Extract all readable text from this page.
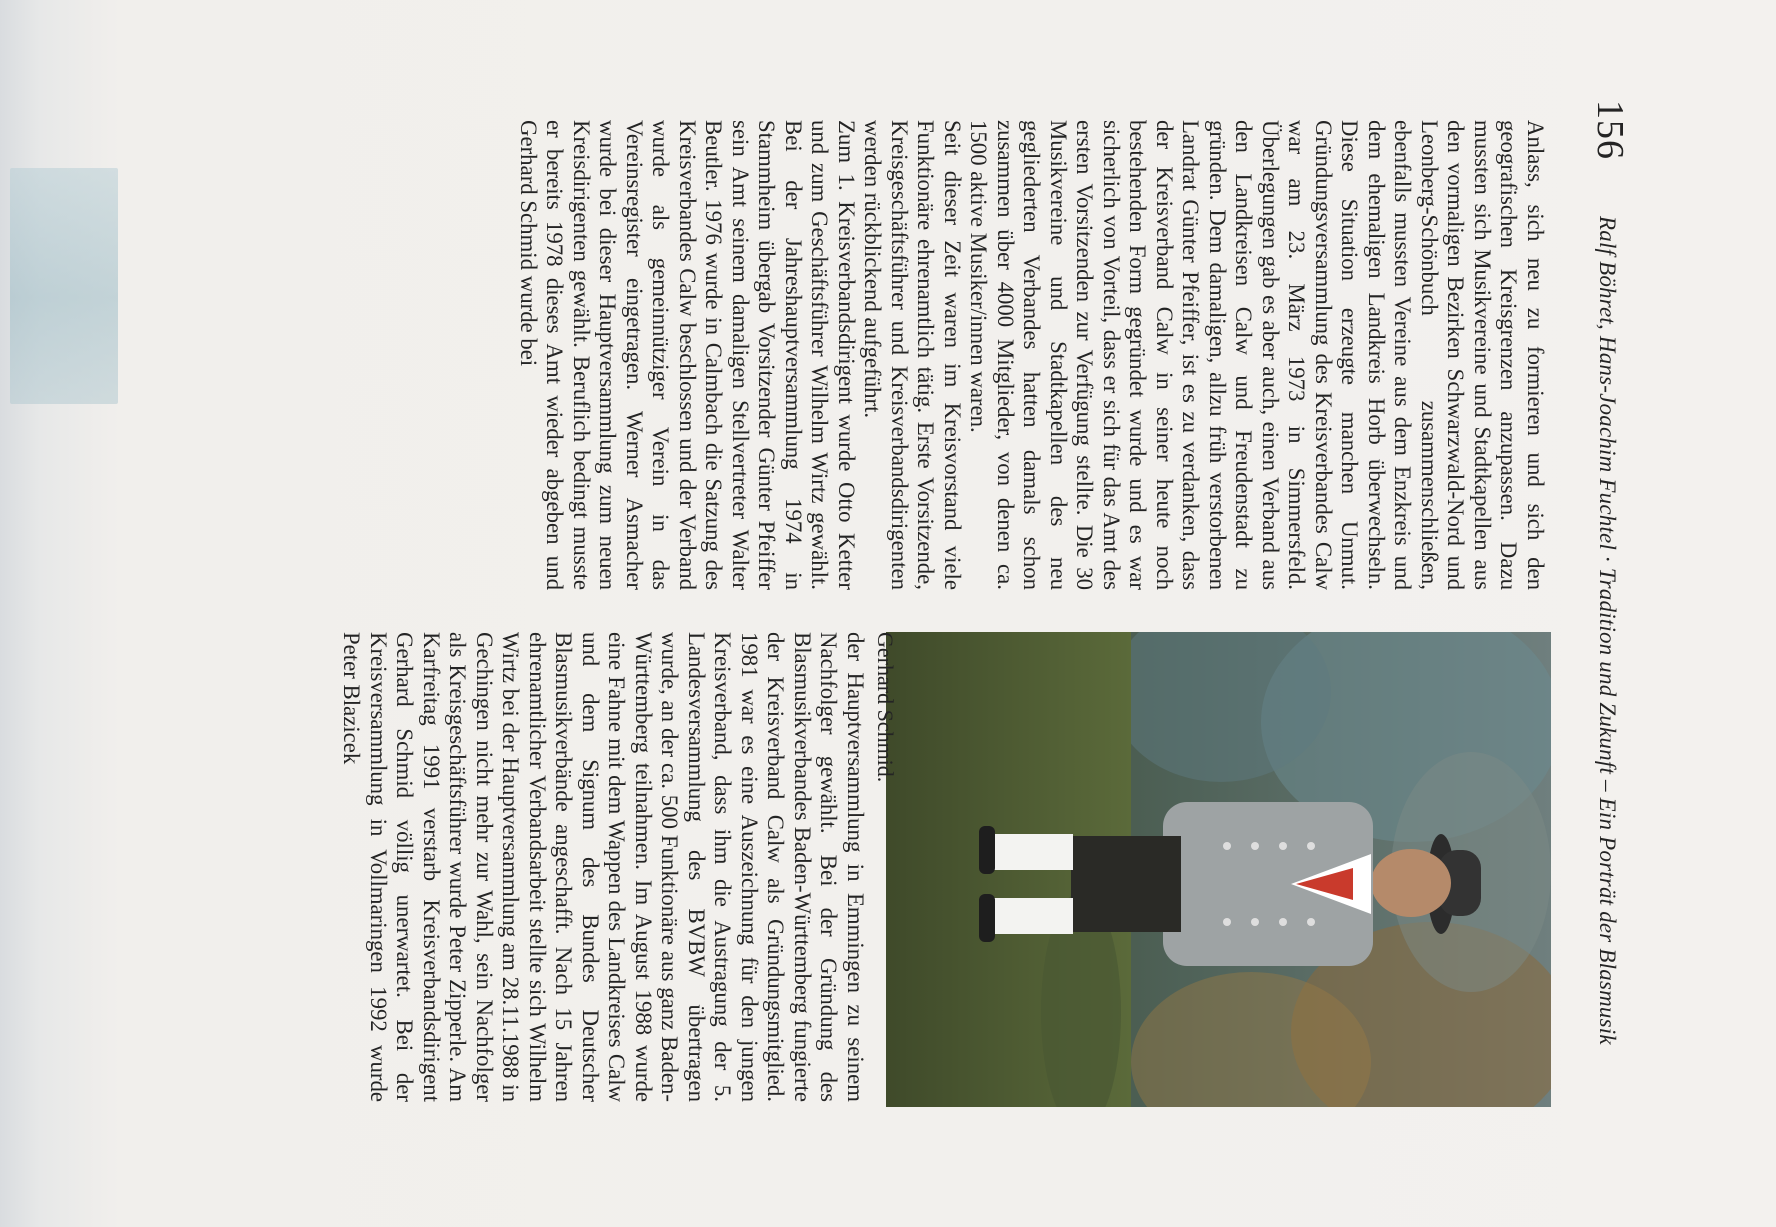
156
Ralf Böhret, Hans-Joachim Fuchtel · Tradition und Zukunft – Ein Porträt der Blasmusik

Anlass, sich neu zu formieren und sich den geografischen Kreisgrenzen anzupassen. Dazu mussten sich Musikvereine und Stadtkapellen aus den vormaligen Bezirken Schwarzwald-Nord und Leonberg-Schönbuch zusammenschließen, ebenfalls mussten Vereine aus dem Enzkreis und dem ehemaligen Landkreis Horb überwechseln. Diese Situation erzeugte manchen Unmut. Gründungsversammlung des Kreisverbandes Calw war am 23. März 1973 in Simmersfeld. Überlegungen gab es aber auch, einen Verband aus den Landkreisen Calw und Freudenstadt zu gründen. Dem damaligen, allzu früh verstorbenen Landrat Günter Pfeiffer, ist es zu verdanken, dass der Kreisverband Calw in seiner heute noch bestehenden Form gegründet wurde und es war sicherlich von Vorteil, dass er sich für das Amt des ersten Vorsitzenden zur Verfügung stellte. Die 30 Musikvereine und Stadtkapellen des neu gegliederten Verbandes hatten damals schon zusammen über 4000 Mitglieder, von denen ca. 1500 aktive Musiker/innen waren.

Seit dieser Zeit waren im Kreisvorstand viele Funktionäre ehrenamtlich tätig. Erste Vorsitzende, Kreisgeschäftsführer und Kreisverbandsdirigenten werden rückblickend aufgeführt.

Zum 1. Kreisverbandsdirigent wurde Otto Ketter und zum Geschäftsführer Wilhelm Wirtz gewählt. Bei der Jahreshauptversammlung 1974 in Stammheim übergab Vorsitzender Günter Pfeiffer sein Amt seinem damaligen Stellvertreter Walter Beutler. 1976 wurde in Calmbach die Satzung des Kreisverbandes Calw beschlossen und der Verband wurde als gemeinnütziger Verein in das Vereinsregister eingetragen. Werner Asmacher wurde bei dieser Hauptversammlung zum neuen Kreisdirigenten gewählt. Beruflich bedingt musste er bereits 1978 dieses Amt wieder abgeben und Gerhard Schmid wurde bei

Gerhard Schmid.

der Hauptversammlung in Emmingen zu seinem Nachfolger gewählt. Bei der Gründung des Blasmusikverbandes Baden-Württemberg fungierte der Kreisverband Calw als Gründungsmitglied. 1981 war es eine Auszeichnung für den jungen Kreisverband, dass ihm die Austragung der 5. Landesversammlung des BVBW übertragen wurde, an der ca. 500 Funktionäre aus ganz Baden-Württemberg teilnahmen. Im August 1988 wurde eine Fahne mit dem Wappen des Landkreises Calw und dem Signum des Bundes Deutscher Blasmusikverbände angeschafft. Nach 15 Jahren ehrenamtlicher Verbandsarbeit stellte sich Wilhelm Wirtz bei der Hauptversammlung am 28.11.1988 in Gechingen nicht mehr zur Wahl, sein Nachfolger als Kreisgeschäftsführer wurde Peter Zipperle. Am Karfreitag 1991 verstarb Kreisverbandsdirigent Gerhard Schmid völlig unerwartet. Bei der Kreisversammlung in Vollmaringen 1992 wurde Peter Blazicek
